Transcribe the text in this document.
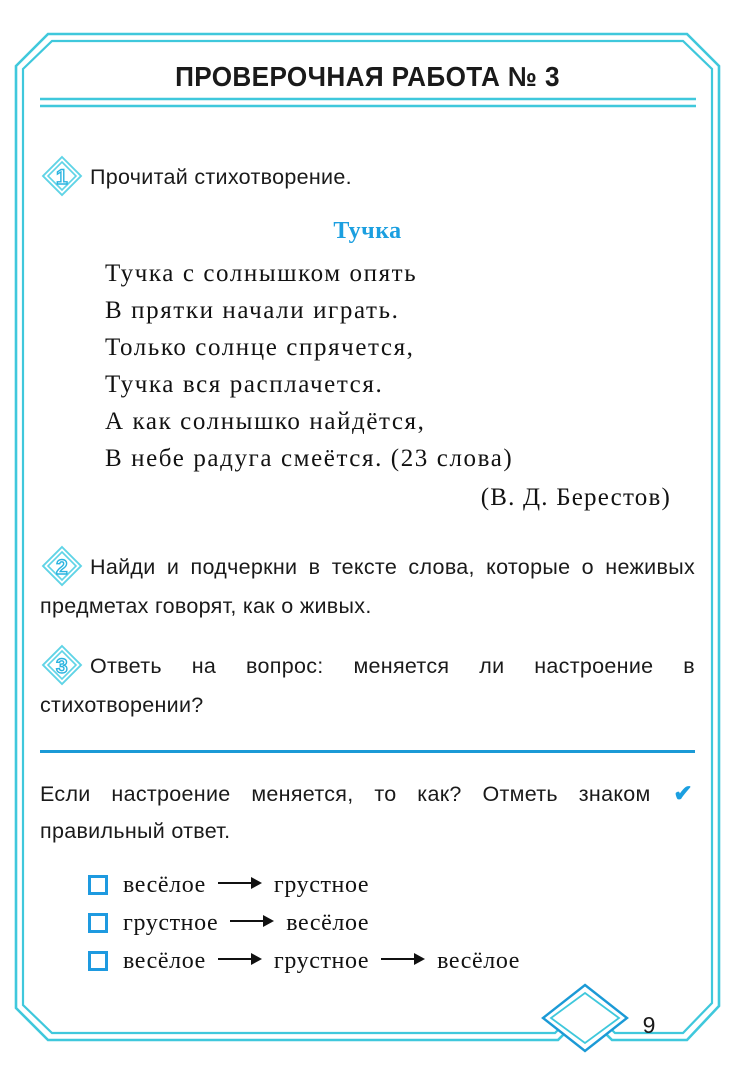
ПРОВЕРОЧНАЯ РАБОТА № 3
1 Прочитай стихотворение.
Тучка
Тучка с солнышком опять
В прятки начали играть.
Только солнце спрячется,
Тучка вся расплачется.
А как солнышко найдётся,
В небе радуга смеётся. (23 слова)
(В. Д. Берестов)
2 Найди и подчеркни в тексте слова, которые о неживых предметах говорят, как о живых.
3 Ответь на вопрос: меняется ли настроение в стихотворении?
Если настроение меняется, то как? Отметь знаком ✔ правильный ответ.
весёлое	грустное
грустное	весёлое
весёлое	грустное	весёлое
9
